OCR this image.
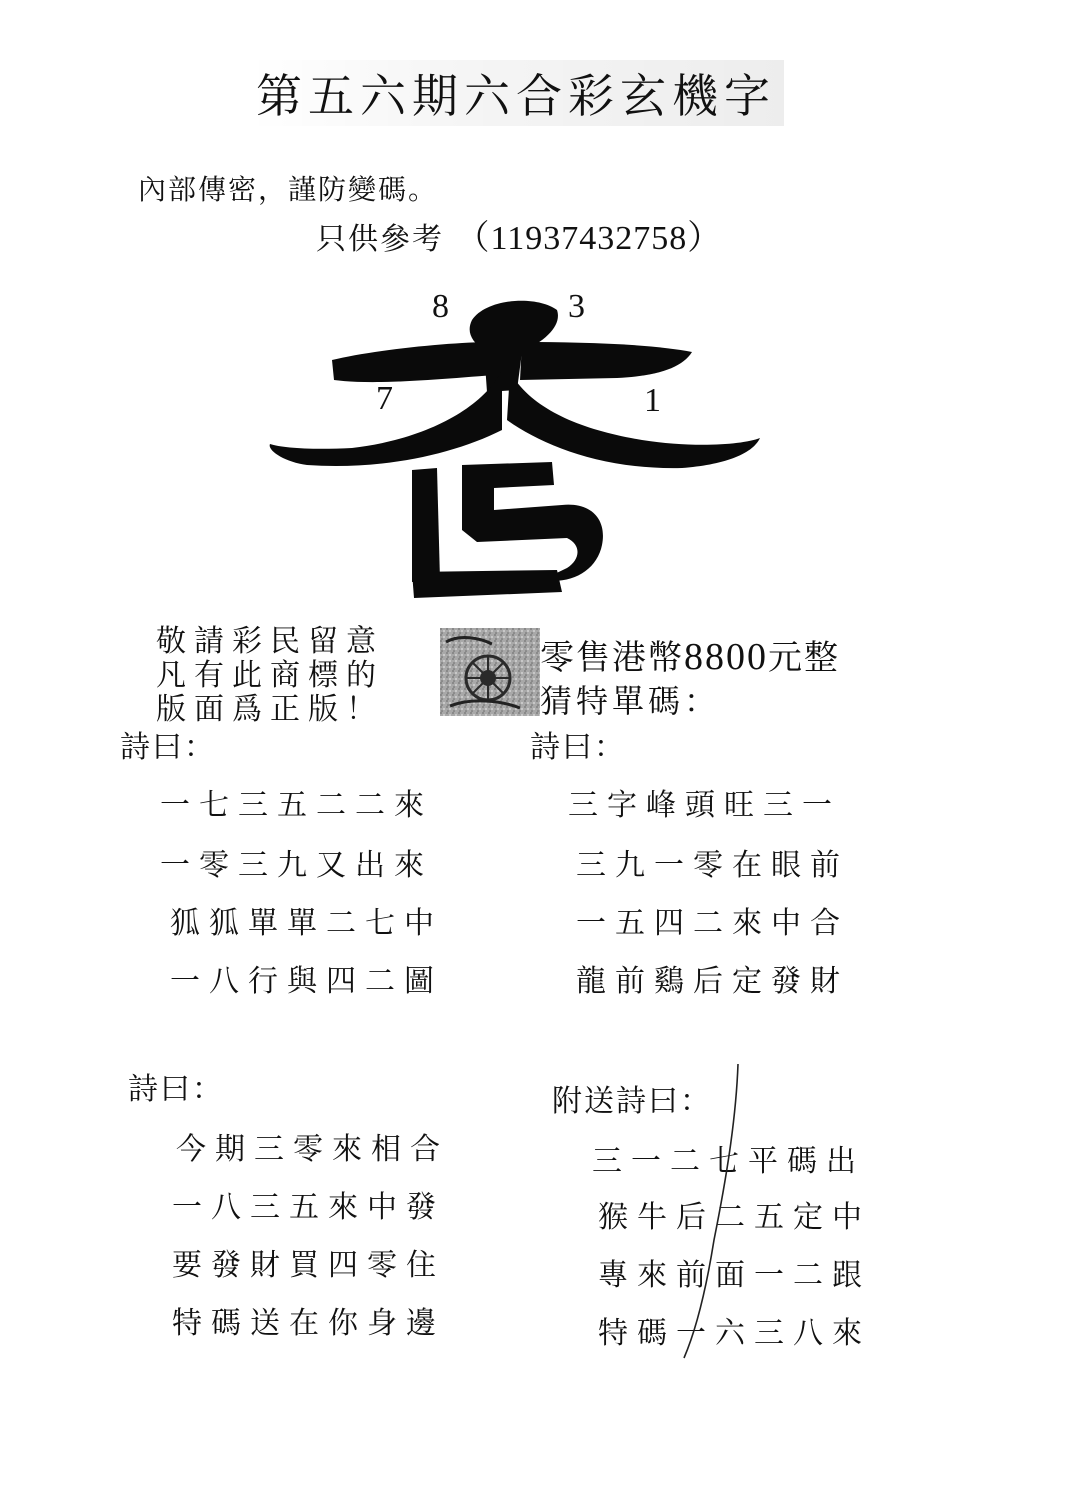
第五六期六合彩玄機字
內部傳密，謹防變碼。
只供參考 （11937432758）
8	3
7	1
敬請彩民留意
凡有此商標的
版面爲正版！
零售港幣8800元整
猜特單碼：
詩曰：
一七三五二二來
一零三九又出來
狐狐單單二七中
一八行與四二圖
詩曰：
三字峰頭旺三一
三九一零在眼前
一五四二來中合
龍前鷄后定發財
詩曰：
今期三零來相合
一八三五來中發
要發財買四零住
特碼送在你身邊
附送詩曰：
三一二七平碼出
猴牛后二五定中
專來前面一二跟
特碼一六三八來
